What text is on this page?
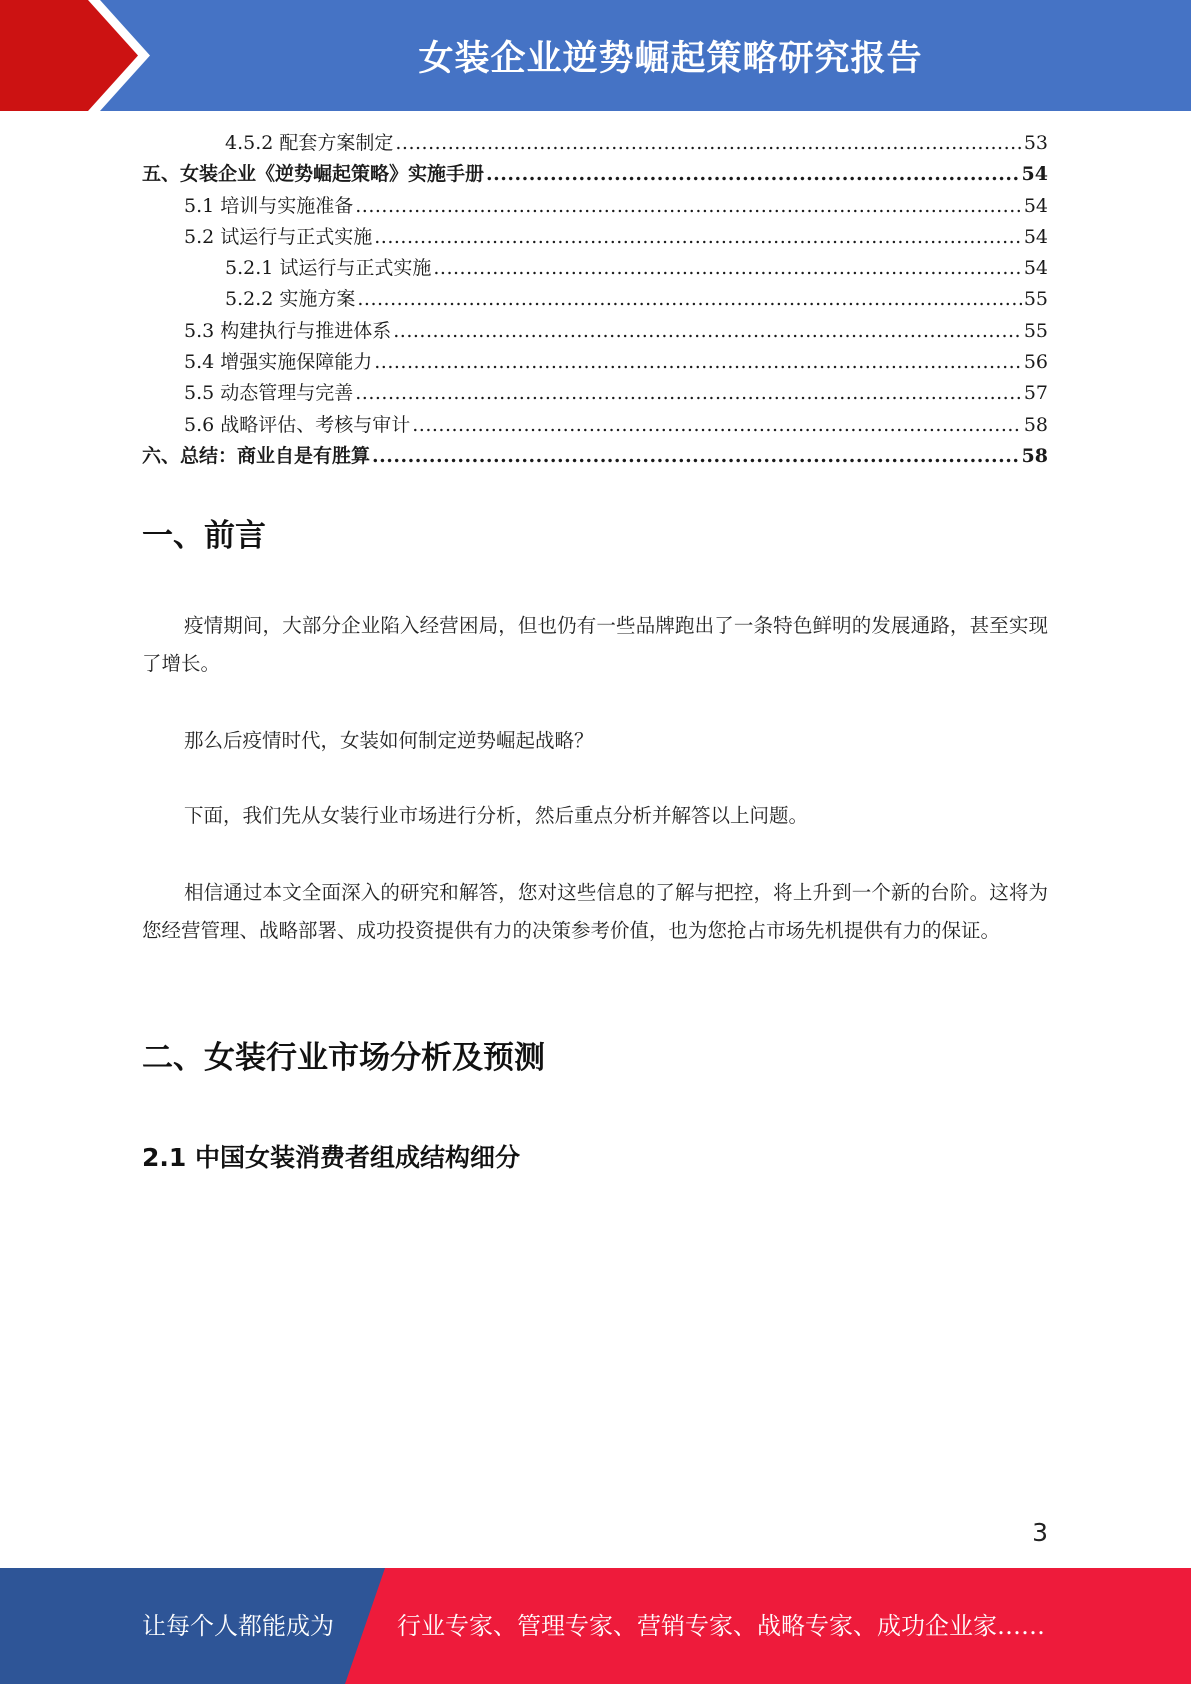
女装企业逆势崛起策略研究报告
4.5.2 配套方案制定 .....	53
五、女装企业《逆势崛起策略》实施手册 .....	54
5.1 培训与实施准备 .....	54
5.2 试运行与正式实施 .....	54
5.2.1 试运行与正式实施 .....	54
5.2.2 实施方案 .....	55
5.3 构建执行与推进体系 .....	55
5.4 增强实施保障能力 .....	56
5.5 动态管理与完善 .....	57
5.6 战略评估、考核与审计 .....	58
六、总结：商业自是有胜算 .....	58
一、前言
疫情期间，大部分企业陷入经营困局，但也仍有一些品牌跑出了一条特色鲜明的发展通路，甚至实现了增长。
那么后疫情时代，女装如何制定逆势崛起战略？
下面，我们先从女装行业市场进行分析，然后重点分析并解答以上问题。
相信通过本文全面深入的研究和解答，您对这些信息的了解与把控，将上升到一个新的台阶。这将为您经营管理、战略部署、成功投资提供有力的决策参考价值，也为您抢占市场先机提供有力的保证。
二、女装行业市场分析及预测
2.1 中国女装消费者组成结构细分
3
让每个人都能成为	行业专家、管理专家、营销专家、战略专家、成功企业家……
